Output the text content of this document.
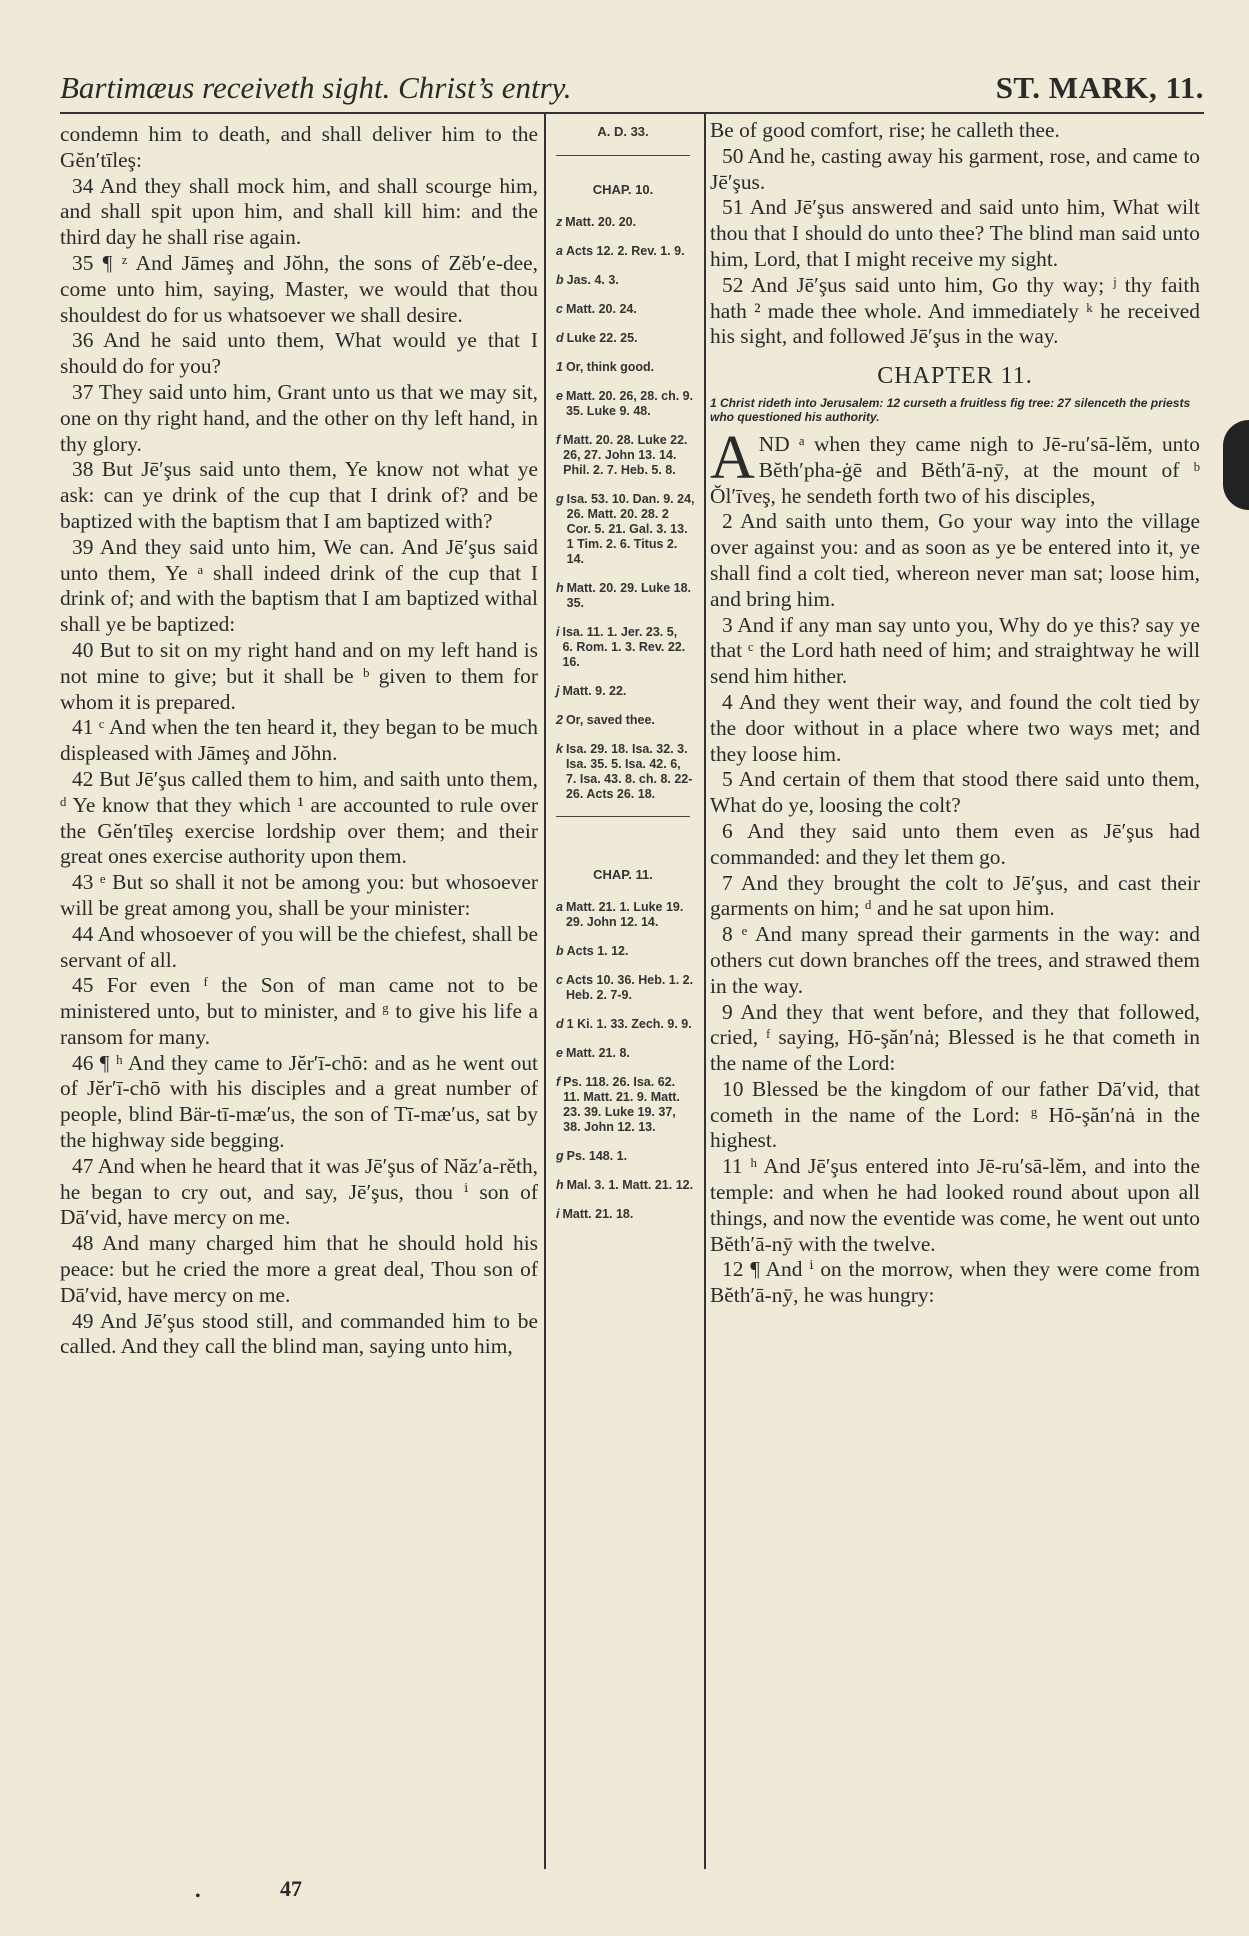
Bartimæus receiveth sight. Christ’s entry.	ST. MARK, 11.

condemn him to death, and shall deliver him to the Gĕn′tīleş:

34 And they shall mock him, and shall scourge him, and shall spit upon him, and shall kill him: and the third day he shall rise again.

35 ¶ ᶻ And Jāmeş and Jŏhn, the sons of Zĕb′e-dee, come unto him, saying, Master, we would that thou shouldest do for us whatsoever we shall desire.

36 And he said unto them, What would ye that I should do for you?

37 They said unto him, Grant unto us that we may sit, one on thy right hand, and the other on thy left hand, in thy glory.

38 But Jē′şus said unto them, Ye know not what ye ask: can ye drink of the cup that I drink of? and be baptized with the baptism that I am baptized with?

39 And they said unto him, We can. And Jē′şus said unto them, Ye ᵃ shall indeed drink of the cup that I drink of; and with the baptism that I am baptized withal shall ye be baptized:

40 But to sit on my right hand and on my left hand is not mine to give; but it shall be ᵇ given to them for whom it is prepared.

41 ᶜ And when the ten heard it, they began to be much displeased with Jāmeş and Jŏhn.

42 But Jē′şus called them to him, and saith unto them, ᵈ Ye know that they which ¹ are accounted to rule over the Gĕn′tīleş exercise lordship over them; and their great ones exercise authority upon them.

43 ᵉ But so shall it not be among you: but whosoever will be great among you, shall be your minister:

44 And whosoever of you will be the chiefest, shall be servant of all.

45 For even ᶠ the Son of man came not to be ministered unto, but to minister, and ᵍ to give his life a ransom for many.

46 ¶ ʰ And they came to Jĕr′ī-chō: and as he went out of Jĕr′ī-chō with his disciples and a great number of people, blind Bär-tī-mæ′us, the son of Tī-mæ′us, sat by the highway side begging.

47 And when he heard that it was Jē′şus of Năz′a-rĕth, he began to cry out, and say, Jē′şus, thou ⁱ son of Dā′vid, have mercy on me.

48 And many charged him that he should hold his peace: but he cried the more a great deal, Thou son of Dā′vid, have mercy on me.

49 And Jē′şus stood still, and commanded him to be called. And they call the blind man, saying unto him,

A. D. 33.
CHAP. 10.
z Matt. 20. 20.
a Acts 12. 2. Rev. 1. 9.
b Jas. 4. 3.
c Matt. 20. 24.
d Luke 22. 25.
1 Or, think good.
e Matt. 20. 26, 28. ch. 9. 35. Luke 9. 48.
f Matt. 20. 28. Luke 22. 26, 27. John 13. 14. Phil. 2. 7. Heb. 5. 8.
g Isa. 53. 10. Dan. 9. 24, 26. Matt. 20. 28. 2 Cor. 5. 21. Gal. 3. 13. 1 Tim. 2. 6. Titus 2. 14.
h Matt. 20. 29. Luke 18. 35.
i Isa. 11. 1. Jer. 23. 5, 6. Rom. 1. 3. Rev. 22. 16.
j Matt. 9. 22.
2 Or, saved thee.
k Isa. 29. 18. Isa. 32. 3. Isa. 35. 5. Isa. 42. 6, 7. Isa. 43. 8. ch. 8. 22-26. Acts 26. 18.
CHAP. 11.
a Matt. 21. 1. Luke 19. 29. John 12. 14.
b Acts 1. 12.
c Acts 10. 36. Heb. 1. 2. Heb. 2. 7-9.
d 1 Ki. 1. 33. Zech. 9. 9.
e Matt. 21. 8.
f Ps. 118. 26. Isa. 62. 11. Matt. 21. 9. Matt. 23. 39. Luke 19. 37, 38. John 12. 13.
g Ps. 148. 1.
h Mal. 3. 1. Matt. 21. 12.
i Matt. 21. 18.

Be of good comfort, rise; he calleth thee.

50 And he, casting away his garment, rose, and came to Jē′şus.

51 And Jē′şus answered and said unto him, What wilt thou that I should do unto thee? The blind man said unto him, Lord, that I might receive my sight.

52 And Jē′şus said unto him, Go thy way; ʲ thy faith hath ² made thee whole. And immediately ᵏ he received his sight, and followed Jē′şus in the way.

CHAPTER 11.
1 Christ rideth into Jerusalem: 12 curseth a fruitless fig tree: 27 silenceth the priests who questioned his authority.

AND ᵃ when they came nigh to Jē-ru′sā-lĕm, unto Bĕth′pha-ġē and Bĕth′ā-nȳ, at the mount of ᵇ Ŏl′īveş, he sendeth forth two of his disciples,

2 And saith unto them, Go your way into the village over against you: and as soon as ye be entered into it, ye shall find a colt tied, whereon never man sat; loose him, and bring him.

3 And if any man say unto you, Why do ye this? say ye that ᶜ the Lord hath need of him; and straightway he will send him hither.

4 And they went their way, and found the colt tied by the door without in a place where two ways met; and they loose him.

5 And certain of them that stood there said unto them, What do ye, loosing the colt?

6 And they said unto them even as Jē′şus had commanded: and they let them go.

7 And they brought the colt to Jē′şus, and cast their garments on him; ᵈ and he sat upon him.

8 ᵉ And many spread their garments in the way: and others cut down branches off the trees, and strawed them in the way.

9 And they that went before, and they that followed, cried, ᶠ saying, Hō-şăn′nȧ; Blessed is he that cometh in the name of the Lord:

10 Blessed be the kingdom of our father Dā′vid, that cometh in the name of the Lord: ᵍ Hō-şăn′nȧ in the highest.

11 ʰ And Jē′şus entered into Jē-ru′sā-lĕm, and into the temple: and when he had looked round about upon all things, and now the eventide was come, he went out unto Bĕth′ā-nȳ with the twelve.

12 ¶ And ⁱ on the morrow, when they were come from Bĕth′ā-nȳ, he was hungry:

•	47
